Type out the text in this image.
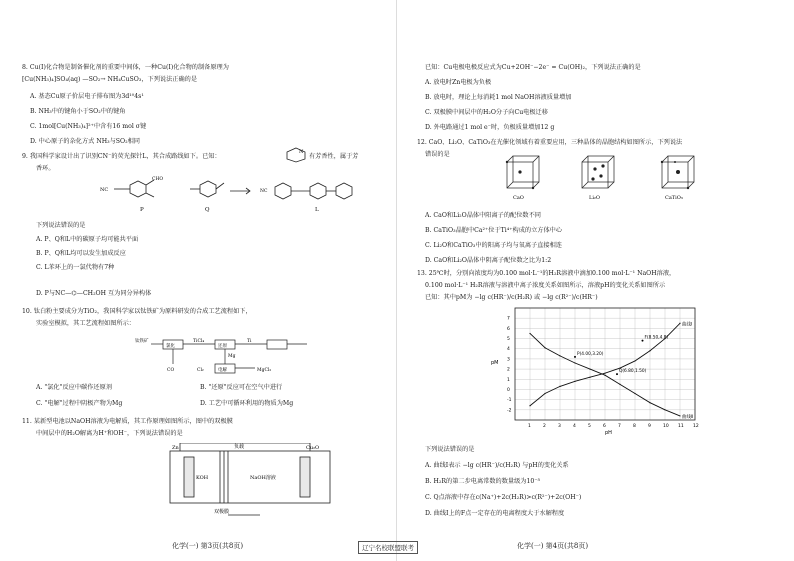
8. Cu(Ⅰ)化合物是制备催化剂的重要中间体，一种Cu(Ⅰ)化合物的制备原理为
[Cu(NH₃)₄]SO₄(aq) —SO₂→ NH₄CuSO₃，下列说法正确的是
A. 基态Cu原子价层电子排布图为3d¹⁰4s¹
B. NH₃中的键角小于SO₂中的键角
C. 1mol[Cu(NH₃)₄]²⁺中含有16 mol σ键
D. 中心原子的杂化方式 NH₃与SO₂相同
9. 我国科学家设计出了识别CN⁻的荧光探针L，其合成路线如下。已知：
N
有芳香性，属于芳
香环。
NC
CHO
NC
P	Q	L
下列说法错误的是
A. P、Q和L中的碳原子均可能共平面
B. P、Q和L均可以发生加成反应
C. L苯环上的一氯代物有7种
D. P与NC—⌬—CH₂OH 互为同分异构体
10. 钛白粉主要成分为TiO₂，我国科学家以钛铁矿为原料研发的合成工艺流程如下，
实验室模拟，其工艺流程如图所示：
钛铁矿
氯化
TiCl₄
还原
Ti
CO
Mg
Cl₂	MgCl₂
电解
A. "氯化"反应中碳作还原剂	B. "还原"反应可在空气中进行
C. "电解"过程中阴极产物为Mg	D. 工艺中可循环利用的物质为Mg
11. 某新型电池以NaOH溶液为电解质，其工作原理如图所示，图中的双极膜
中间层中的H₂O解离为H⁺和OH⁻，下列说法错误的是
Zn	Cu₂O
双极膜
KOH	NaOH溶液
负载
化学(一) 第3页(共8页)	辽宁名校联盟联考
已知：Cu电极电极反应式为Cu+2OH⁻−2e⁻ = Cu(OH)₂，下列说法正确的是
A. 放电时Zn电极为负极
B. 放电时，理论上每消耗1 mol NaOH溶液质量增加
C. 双极膜中间层中的H₂O分子向Cu电极迁移
D. 外电路通过1 mol e⁻时，负极质量增加12 g
12. CaO、Li₂O、CaTiO₃在光催化领域有着重要应用，三种晶体的晶胞结构如图所示，下列说法
错误的是
CaO	Li₂O	CaTiO₃
A. CaO和Li₂O晶体中阳离子的配位数不同
B. CaTiO₃晶胞中Ca²⁺位于Ti⁴⁺构成的立方体中心
C. Li₂O和CaTiO₃中的阳离子均与氧离子直接相连
D. CaO和Li₂O晶体中阴离子配位数之比为1:2
13. 25℃时，分别向浓度均为0.100 mol·L⁻¹的H₂R溶液中滴加0.100 mol·L⁻¹ NaOH溶液，
0.100 mol·L⁻¹ H₂R溶液与溶液中离子浓度关系如图所示，溶液pH的变化关系如图所示
已知：其中pM为 −lg c(HR⁻)/c(H₂R) 或 −lg c(R²⁻)/c(HR⁻)
1	2	3	4	5	6	7	8	9	10 11 12
-2
-1
0
1
2
3
4
5
6
7
pH
pM
曲线Ⅰ
曲线Ⅱ
F(8.50,4.8)
Q(6.80,1.50)
P(4.00,3.20)
下列说法错误的是
A. 曲线Ⅰ表示 −lg c(HR⁻)/c(H₂R) 与pH的变化关系
B. H₂R的第二步电离常数的数量级为10⁻⁵
C. Q点溶液中存在c(Na⁺)+2c(H₂R)>c(R²⁻)+2c(OH⁻)
D. 曲线Ⅰ上的F点一定存在的电离程度大于水解程度
化学(一) 第4页(共8页)
